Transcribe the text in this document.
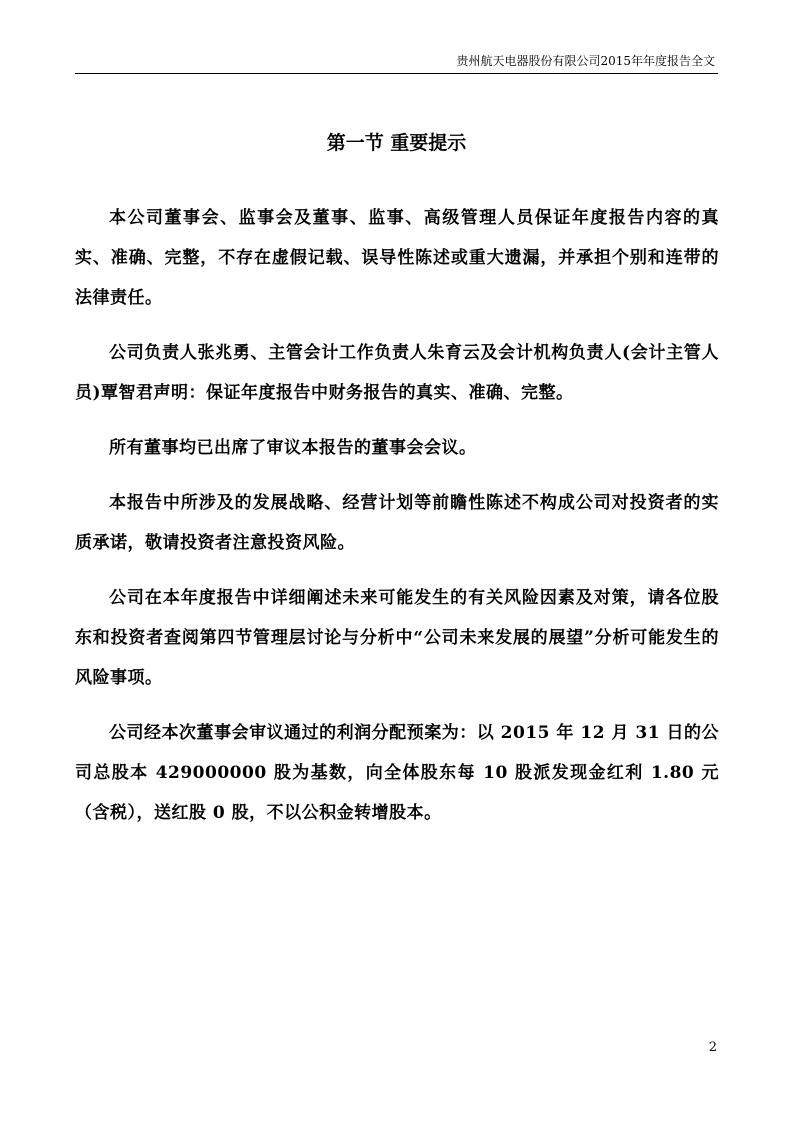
贵州航天电器股份有限公司2015年年度报告全文
第一节 重要提示

本公司董事会、监事会及董事、监事、高级管理人员保证年度报告内容的真实、准确、完整，不存在虚假记载、误导性陈述或重大遗漏，并承担个别和连带的法律责任。

公司负责人张兆勇、主管会计工作负责人朱育云及会计机构负责人(会计主管人员)覃智君声明：保证年度报告中财务报告的真实、准确、完整。

所有董事均已出席了审议本报告的董事会会议。

本报告中所涉及的发展战略、经营计划等前瞻性陈述不构成公司对投资者的实质承诺，敬请投资者注意投资风险。

公司在本年度报告中详细阐述未来可能发生的有关风险因素及对策，请各位股东和投资者查阅第四节管理层讨论与分析中“公司未来发展的展望”分析可能发生的风险事项。

公司经本次董事会审议通过的利润分配预案为：以 2015 年 12 月 31 日的公司总股本 429000000 股为基数，向全体股东每 10 股派发现金红利 1.80 元（含税），送红股 0 股，不以公积金转增股本。

2
